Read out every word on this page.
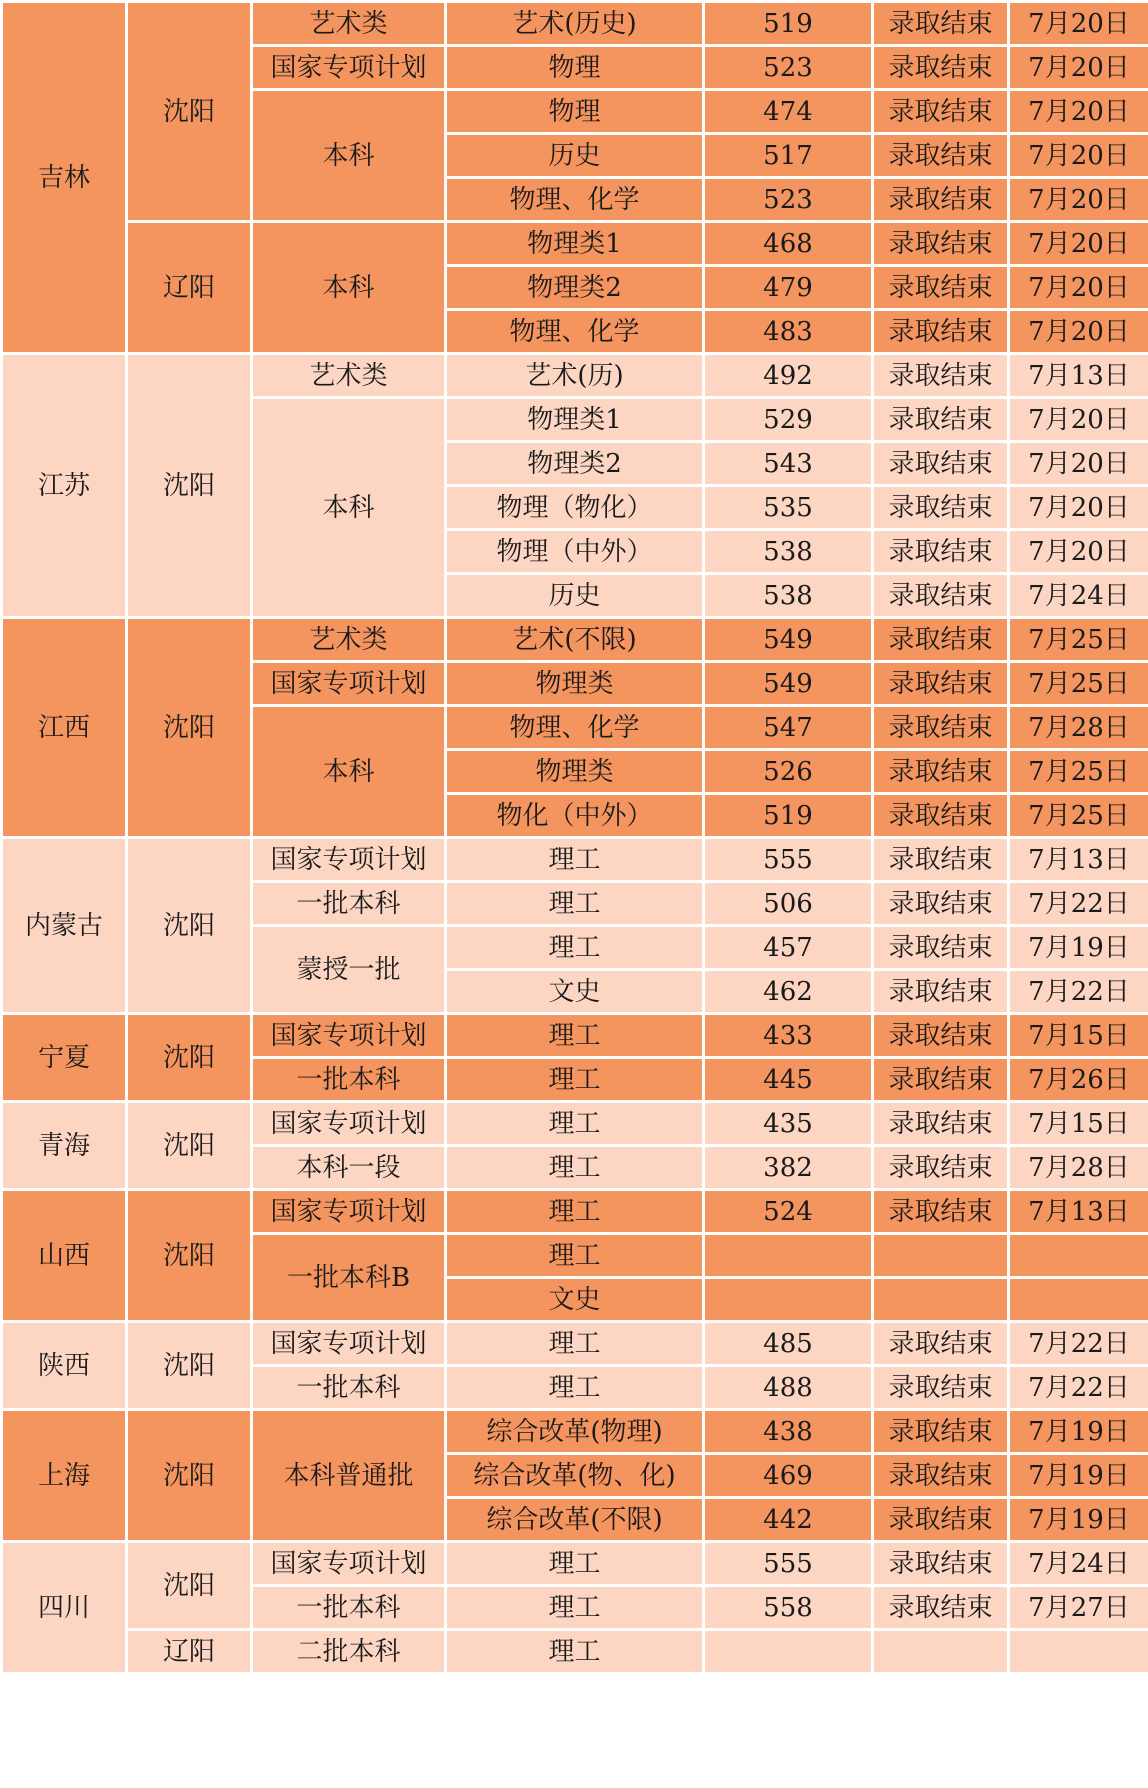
吉林	沈阳	艺术类	艺术(历史)	519	录取结束	7月20日
		国家专项计划	物理	523	录取结束	7月20日
		本科	物理	474	录取结束	7月20日
			历史	517	录取结束	7月20日
			物理、化学	523	录取结束	7月20日
	辽阳	本科	物理类1	468	录取结束	7月20日
			物理类2	479	录取结束	7月20日
			物理、化学	483	录取结束	7月20日
江苏	沈阳	艺术类	艺术(历)	492	录取结束	7月13日
		本科	物理类1	529	录取结束	7月20日
			物理类2	543	录取结束	7月20日
			物理（物化）	535	录取结束	7月20日
			物理（中外）	538	录取结束	7月20日
			历史	538	录取结束	7月24日
江西	沈阳	艺术类	艺术(不限)	549	录取结束	7月25日
		国家专项计划	物理类	549	录取结束	7月25日
		本科	物理、化学	547	录取结束	7月28日
			物理类	526	录取结束	7月25日
			物化（中外）	519	录取结束	7月25日
内蒙古	沈阳	国家专项计划	理工	555	录取结束	7月13日
		一批本科	理工	506	录取结束	7月22日
		蒙授一批	理工	457	录取结束	7月19日
			文史	462	录取结束	7月22日
宁夏	沈阳	国家专项计划	理工	433	录取结束	7月15日
		一批本科	理工	445	录取结束	7月26日
青海	沈阳	国家专项计划	理工	435	录取结束	7月15日
		本科一段	理工	382	录取结束	7月28日
山西	沈阳	国家专项计划	理工	524	录取结束	7月13日
		一批本科B	理工			
			文史			
陕西	沈阳	国家专项计划	理工	485	录取结束	7月22日
		一批本科	理工	488	录取结束	7月22日
上海	沈阳	本科普通批	综合改革(物理)	438	录取结束	7月19日
			综合改革(物、化)	469	录取结束	7月19日
			综合改革(不限)	442	录取结束	7月19日
四川	沈阳	国家专项计划	理工	555	录取结束	7月24日
		一批本科	理工	558	录取结束	7月27日
	辽阳	二批本科	理工			
